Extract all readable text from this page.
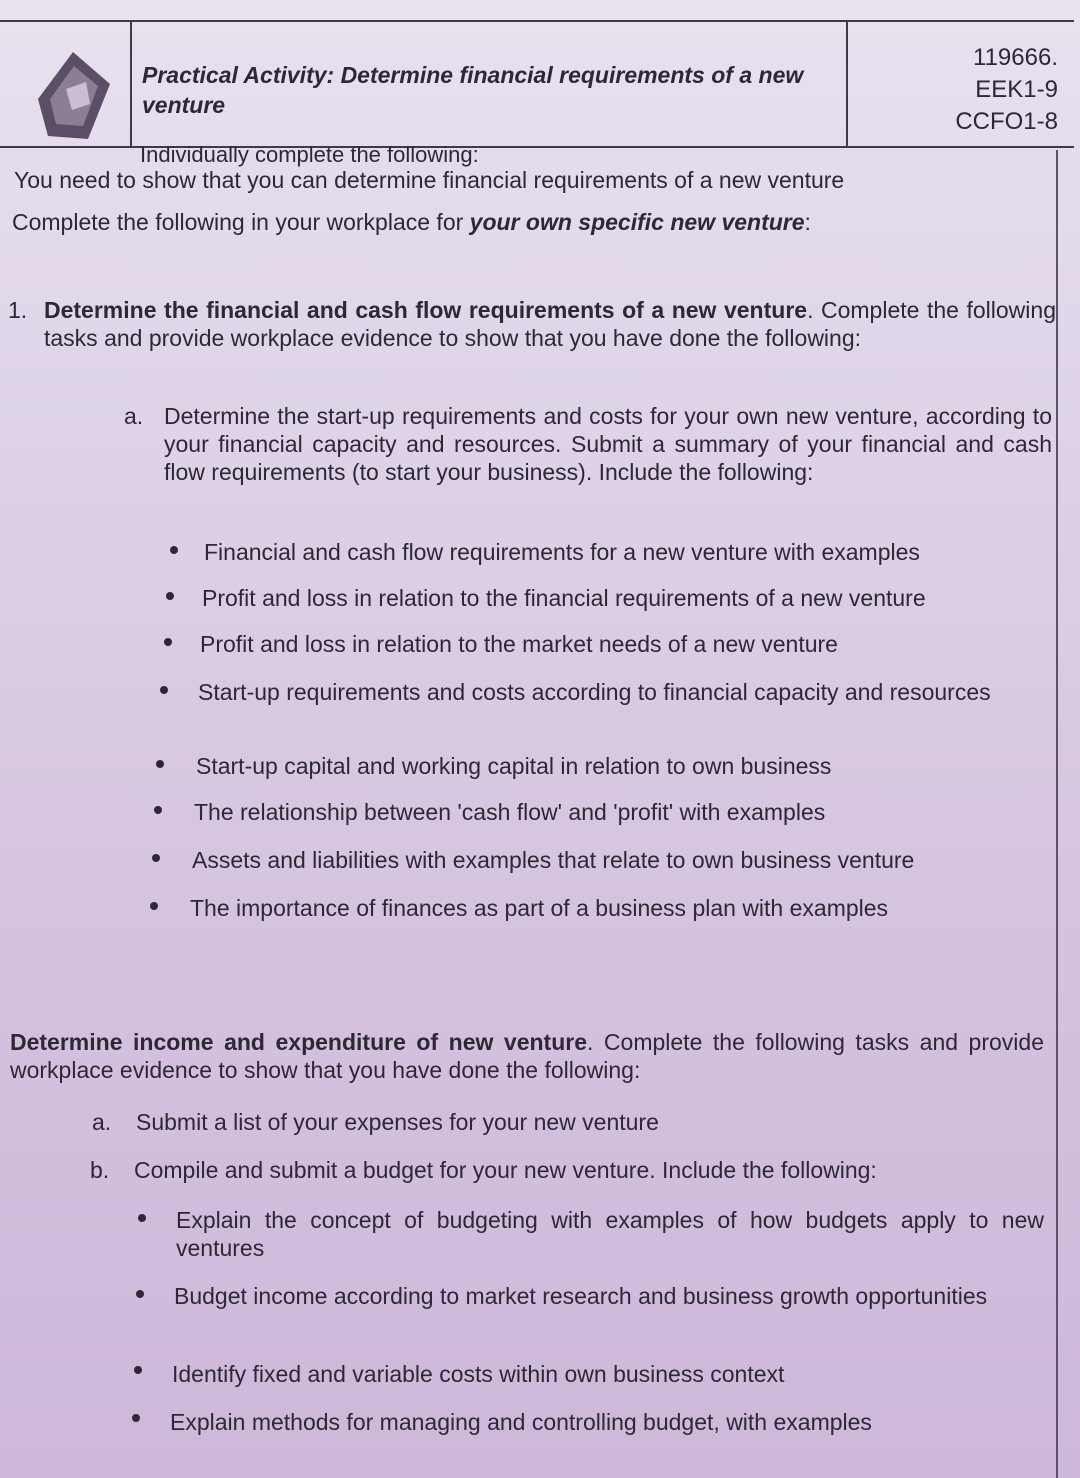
Practical Activity: Determine financial requirements of a new venture
Individually complete the following:
119666.
EEK1-9
CCFO1-8
You need to show that you can determine financial requirements of a new venture
Complete the following in your workplace for your own specific new venture:
1. Determine the financial and cash flow requirements of a new venture. Complete the following tasks and provide workplace evidence to show that you have done the following:
a. Determine the start-up requirements and costs for your own new venture, according to your financial capacity and resources. Submit a summary of your financial and cash flow requirements (to start your business). Include the following:
Financial and cash flow requirements for a new venture with examples
Profit and loss in relation to the financial requirements of a new venture
Profit and loss in relation to the market needs of a new venture
Start-up requirements and costs according to financial capacity and resources
Start-up capital and working capital in relation to own business
The relationship between 'cash flow' and 'profit' with examples
Assets and liabilities with examples that relate to own business venture
The importance of finances as part of a business plan with examples
Determine income and expenditure of new venture. Complete the following tasks and provide workplace evidence to show that you have done the following:
a. Submit a list of your expenses for your new venture
b. Compile and submit a budget for your new venture. Include the following:
Explain the concept of budgeting with examples of how budgets apply to new ventures
Budget income according to market research and business growth opportunities
Identify fixed and variable costs within own business context
Explain methods for managing and controlling budget, with examples
